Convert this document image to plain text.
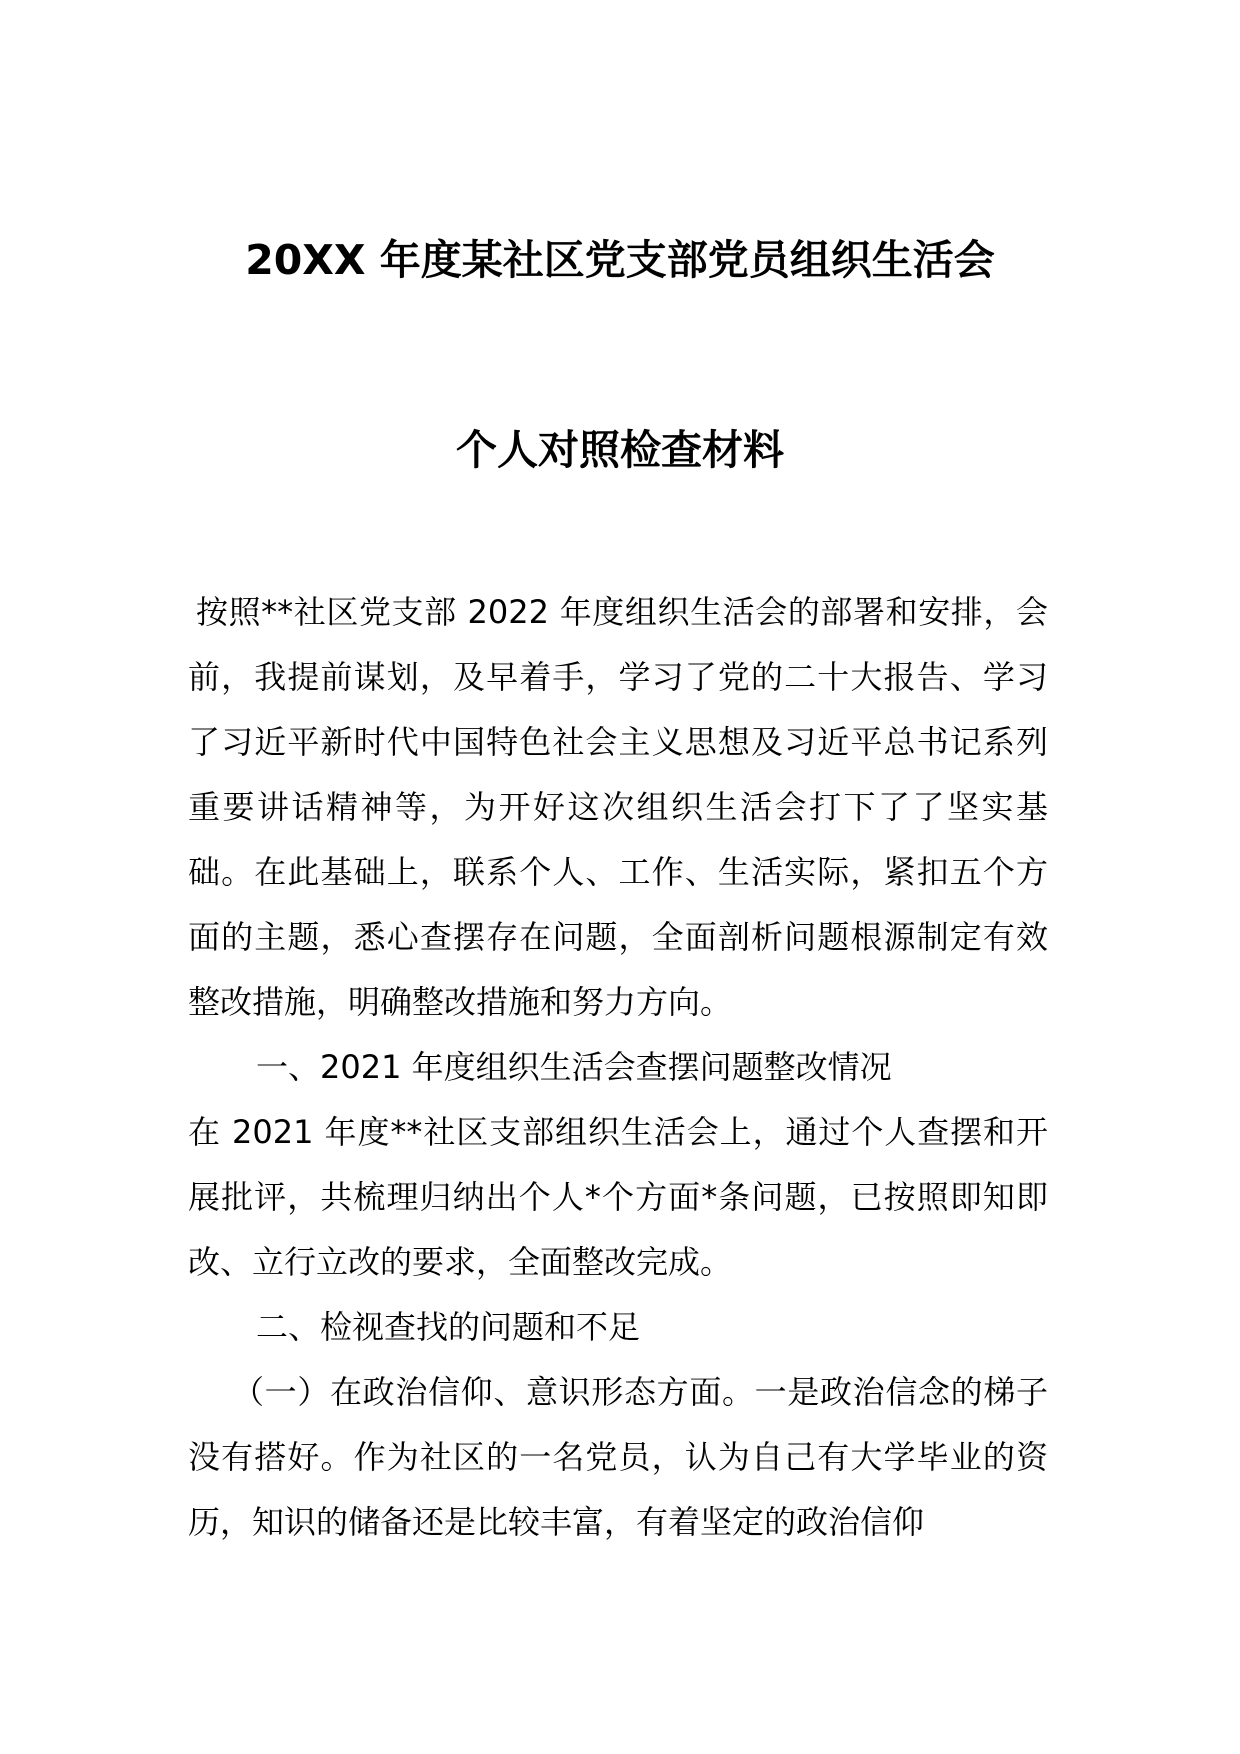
20XX 年度某社区党支部党员组织生活会
个人对照检查材料

按照**社区党支部 2022 年度组织生活会的部署和安排，会前，我提前谋划，及早着手，学习了党的二十大报告、学习了习近平新时代中国特色社会主义思想及习近平总书记系列重要讲话精神等，为开好这次组织生活会打下了了坚实基础。在此基础上，联系个人、工作、生活实际，紧扣五个方面的主题，悉心查摆存在问题，全面剖析问题根源制定有效整改措施，明确整改措施和努力方向。

一、2021 年度组织生活会查摆问题整改情况

在 2021 年度**社区支部组织生活会上，通过个人查摆和开展批评，共梳理归纳出个人*个方面*条问题，已按照即知即改、立行立改的要求，全面整改完成。

二、检视查找的问题和不足

（一）在政治信仰、意识形态方面。一是政治信念的梯子没有搭好。作为社区的一名党员，认为自己有大学毕业的资历，知识的储备还是比较丰富，有着坚定的政治信仰
